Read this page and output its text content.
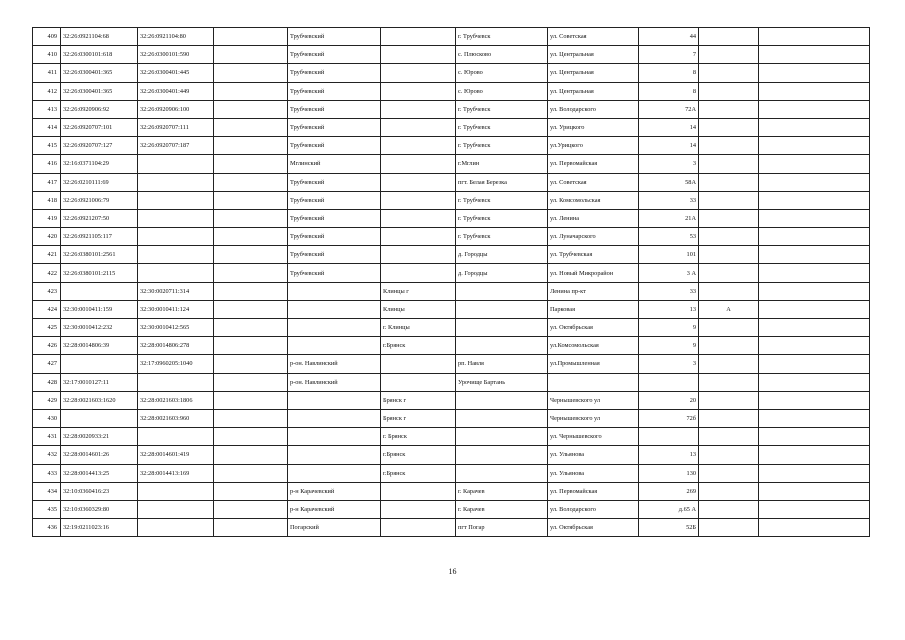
409	32:26:0921104:68	32:26:0921104:80		Трубчевский		г. Трубчевск	ул. Советская	44		
410	32:26:0300101:618	32:26:0300101:590		Трубчевский		с. Плюсково	ул. Центральная	7		
411	32:26:0300401:365	32:26:0300401:445		Трубчевский		с. Юрово	ул. Центральная	8		
412	32:26:0300401:365	32:26:0300401:449		Трубчевский		с. Юрово	ул. Центральная	8		
413	32:26:0920906:92	32:26:0920906:100		Трубчевский		г. Трубчевск	ул. Володарского	72А		
414	32:26:0920707:101	32:26:0920707:111		Трубчевский		г. Трубчевск	ул. Урицкого	14		
415	32:26:0920707:127	32:26:0920707:187		Трубчевский		г. Трубчевск	ул.Урицкого	14		
416	32:16:0371104:29			Мглинский		г.Мглин	ул. Первомайская	3		
417	32:26:0210111:69			Трубчевский		пгт. Белая Березка	ул. Советская	58А		
418	32:26:0921006:79			Трубчевский		г. Трубчевск	ул. Комсомольская	33		
419	32:26:0921207:50			Трубчевский		г. Трубчевск	ул. Ленина	21А		
420	32:26:0921105:117			Трубчевский		г. Трубчевск	ул. Луначарского	53		
421	32:26:0380101:2561			Трубчевский		д. Городцы	ул. Трубчевская	101		
422	32:26:0380101:2115			Трубчевский		д. Городцы	ул. Новый Микрорайон	3 А		
423		32:30:0020711:314			Клинцы г		Ленина пр-кт	33		
424	32:30:0010411:159	32:30:0010411:124			Клинцы		Парковая	13	А	
425	32:30:0010412:232	32:30:0010412:565			г. Клинцы		ул. Октябрьская	9		
426	32:28:0014806:39	32:28:0014806:278			г.Брянск		ул.Комсомольская	9		
427		32:17:0960205:1040		р-он. Навлинский		рп. Навля	ул.Промышленная	3		
428	32:17:0010127:11			р-он. Навлинский		Урочище Бартань				
429	32:28:0021603:1620	32:28:0021603:1806			Брянск г		Чернышевского ул	20		
430		32:28:0021603:960			Брянск г		Чернышевского ул	72б		
431	32:28:0020933:21				г. Брянск		ул. Чернышевского			
432	32:28:0014601:26	32:28:0014601:419			г.Брянск		ул. Ульянова	13		
433	32:28:0014413:25	32:28:0014413:169			г.Брянск		ул. Ульянова	130		
434	32:10:0360416:23			р-н Карачевский		г. Карачев	ул. Первомайская	269		
435	32:10:0360329:80			р-н Карачевский		г. Карачев	ул. Володарского	д.65 А		
436	32:19:0211023:16			Погарский		пгт Погар	ул. Октябрьская	52Б		
16
